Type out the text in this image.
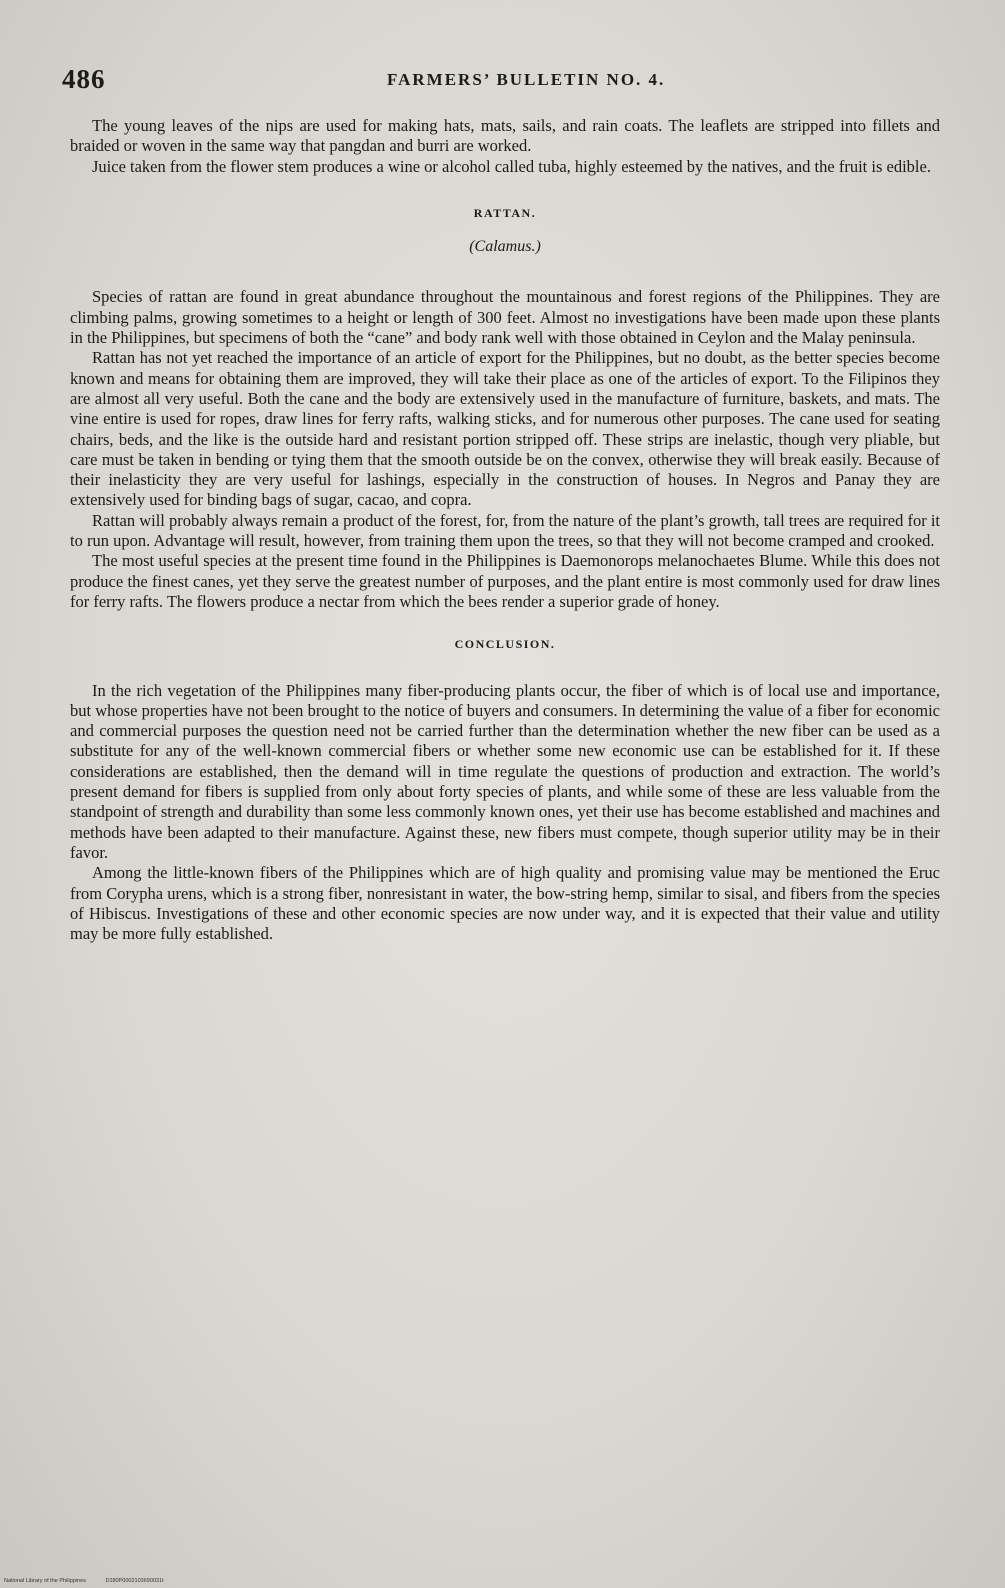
486	FARMERS’ BULLETIN NO. 4.

The young leaves of the nips are used for making hats, mats, sails, and rain coats. The leaflets are stripped into fillets and braided or woven in the same way that pangdan and burri are worked.

Juice taken from the flower stem produces a wine or alcohol called tuba, highly esteemed by the natives, and the fruit is edible.

RATTAN.

(Calamus.)

Species of rattan are found in great abundance throughout the mountainous and forest regions of the Philippines. They are climbing palms, growing sometimes to a height or length of 300 feet. Almost no investigations have been made upon these plants in the Philippines, but specimens of both the “cane” and body rank well with those obtained in Ceylon and the Malay peninsula.

Rattan has not yet reached the importance of an article of export for the Philippines, but no doubt, as the better species become known and means for obtaining them are improved, they will take their place as one of the articles of export. To the Filipinos they are almost all very useful. Both the cane and the body are extensively used in the manufacture of furniture, baskets, and mats. The vine entire is used for ropes, draw lines for ferry rafts, walking sticks, and for numerous other purposes. The cane used for seating chairs, beds, and the like is the outside hard and resistant portion stripped off. These strips are inelastic, though very pliable, but care must be taken in bending or tying them that the smooth outside be on the convex, otherwise they will break easily. Because of their inelasticity they are very useful for lashings, especially in the construction of houses. In Negros and Panay they are extensively used for binding bags of sugar, cacao, and copra.

Rattan will probably always remain a product of the forest, for, from the nature of the plant’s growth, tall trees are required for it to run upon. Advantage will result, however, from training them upon the trees, so that they will not become cramped and crooked.

The most useful species at the present time found in the Philippines is Daemonorops melanochaetes Blume. While this does not produce the finest canes, yet they serve the greatest number of purposes, and the plant entire is most commonly used for draw lines for ferry rafts. The flowers produce a nectar from which the bees render a superior grade of honey.

CONCLUSION.

In the rich vegetation of the Philippines many fiber-producing plants occur, the fiber of which is of local use and importance, but whose properties have not been brought to the notice of buyers and consumers. In determining the value of a fiber for economic and commercial purposes the question need not be carried further than the determination whether the new fiber can be used as a substitute for any of the well-known commercial fibers or whether some new economic use can be established for it. If these considerations are established, then the demand will in time regulate the questions of production and extraction. The world’s present demand for fibers is supplied from only about forty species of plants, and while some of these are less valuable from the standpoint of strength and durability than some less commonly known ones, yet their use has become established and machines and methods have been adapted to their manufacture. Against these, new fibers must compete, though superior utility may be in their favor.

Among the little-known fibers of the Philippines which are of high quality and promising value may be mentioned the Eruc from Corypha urens, which is a strong fiber, nonresistant in water, the bow-string hemp, similar to sisal, and fibers from the species of Hibiscus. Investigations of these and other economic species are now under way, and it is expected that their value and utility may be more fully established.

National Library of the Philippines	D180P0002103690031t
